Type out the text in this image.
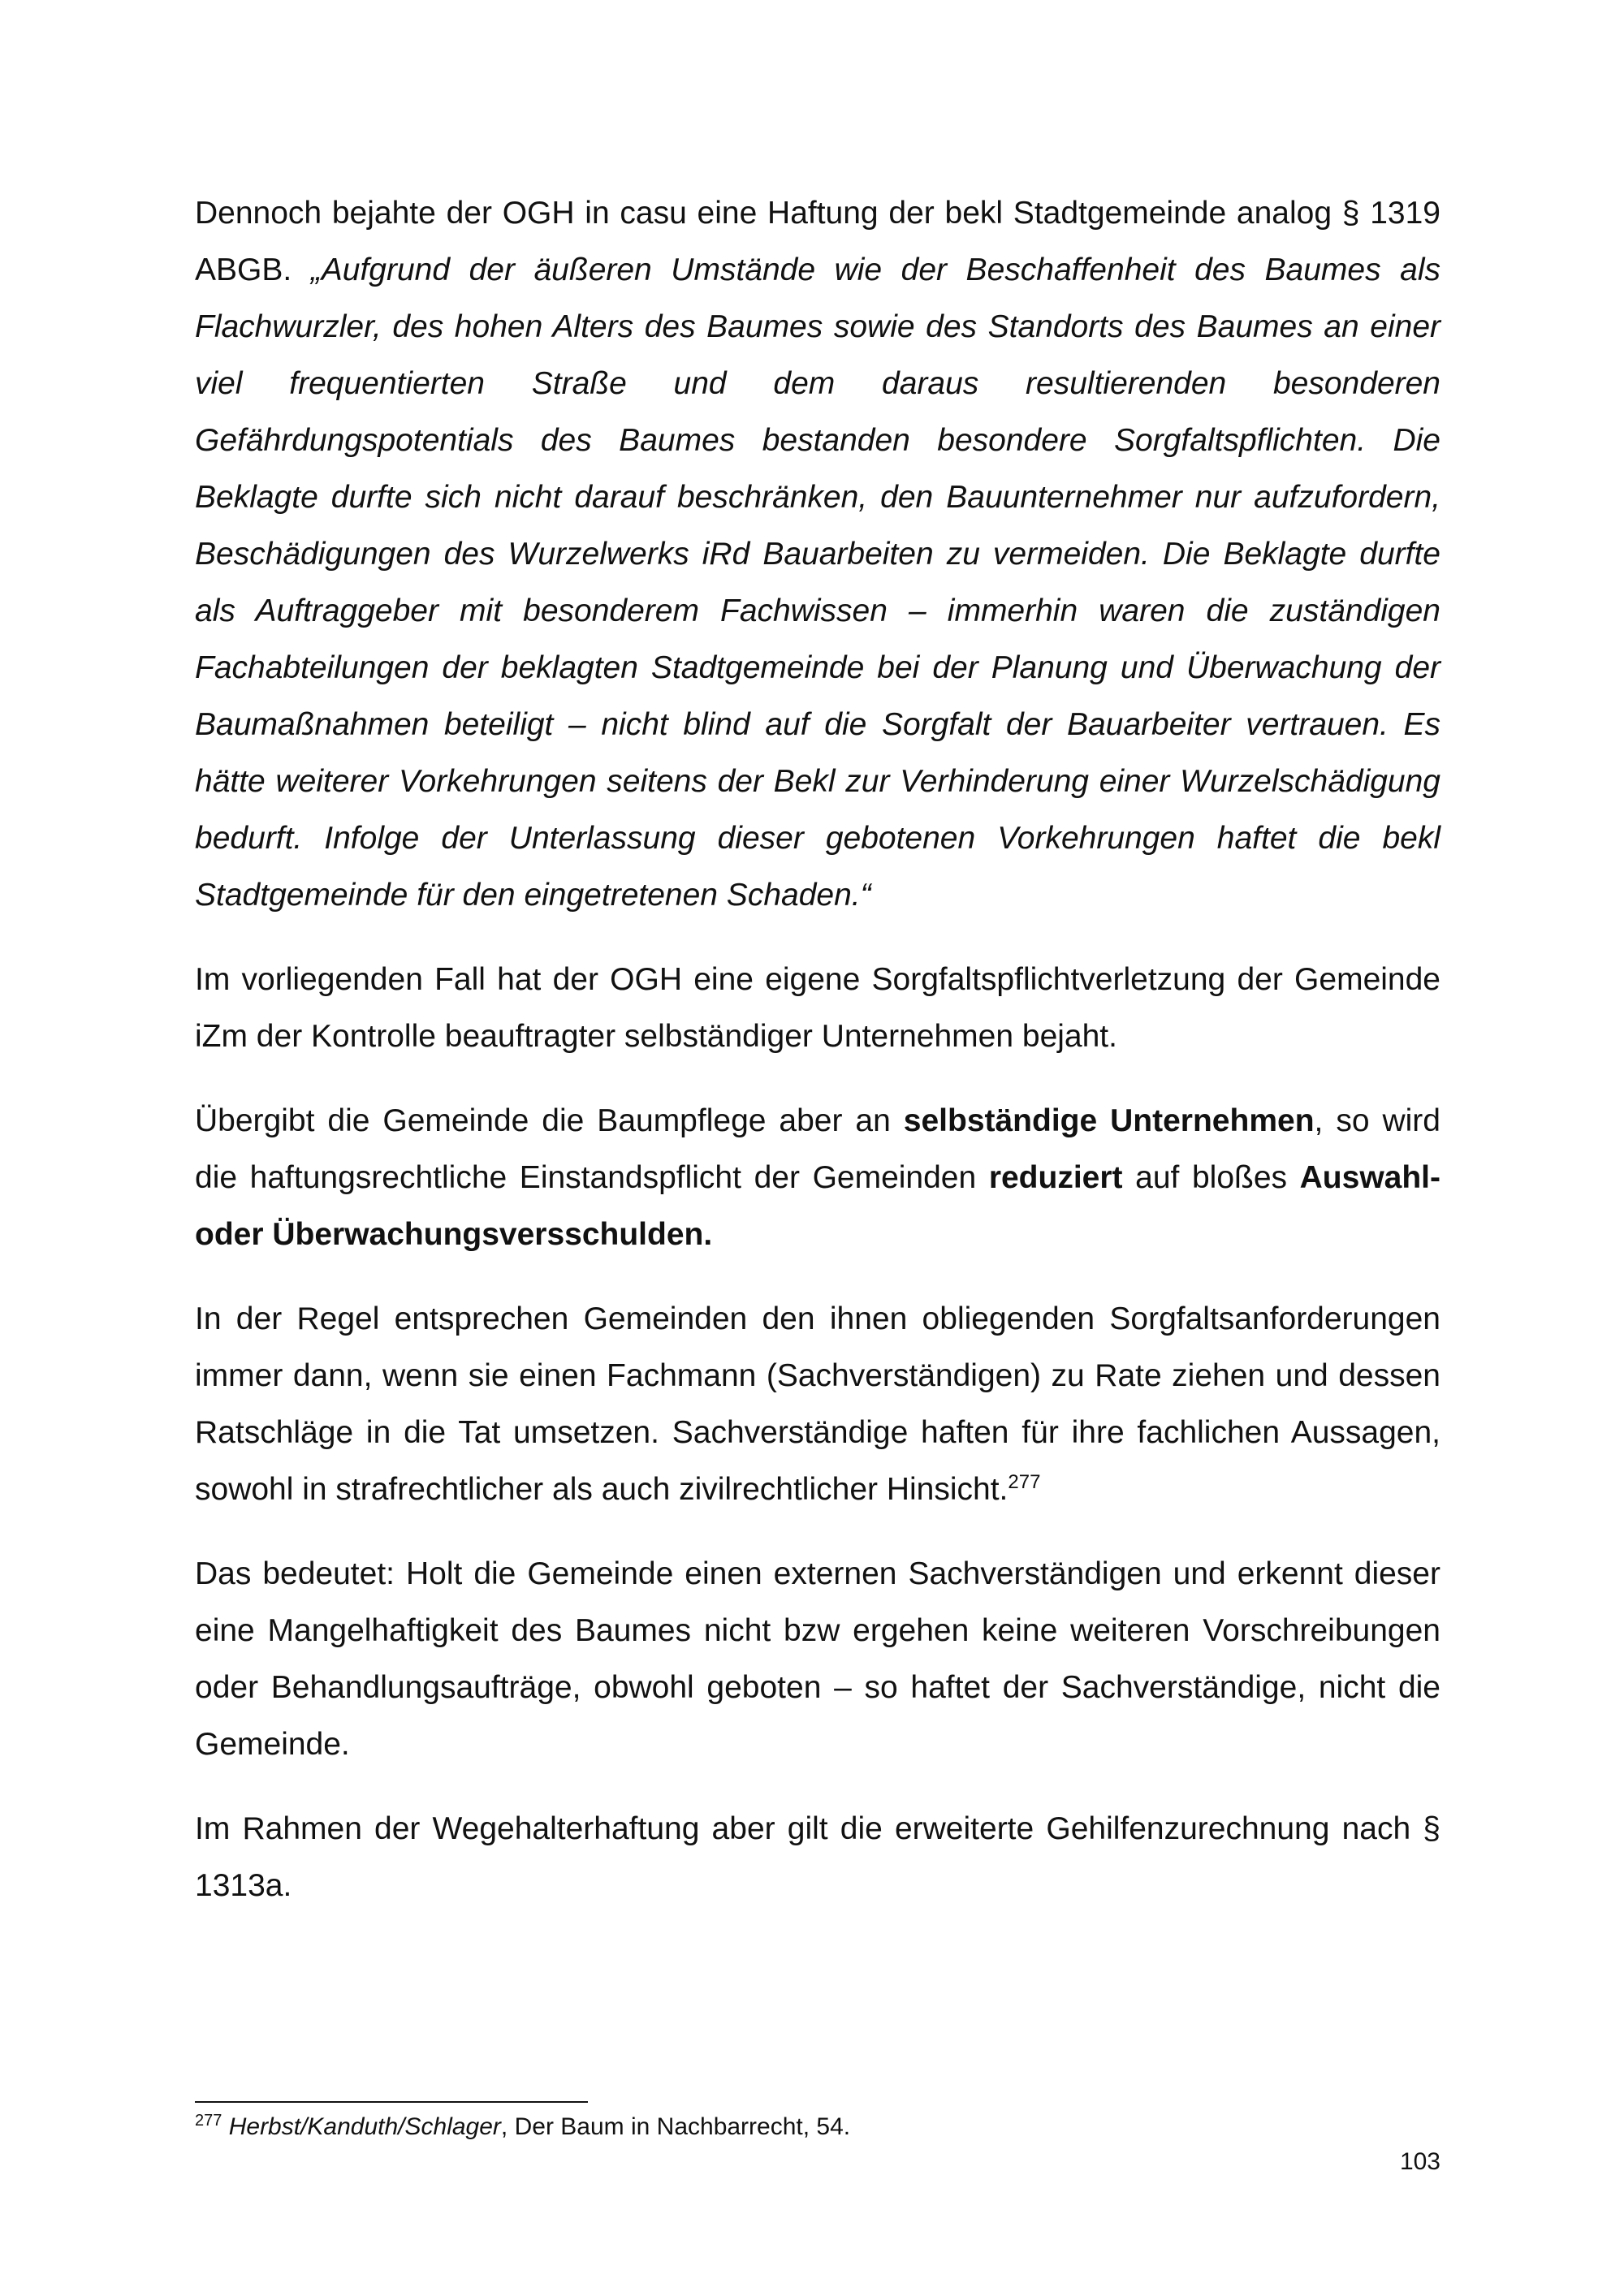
Dennoch bejahte der OGH in casu eine Haftung der bekl Stadtgemeinde analog § 1319 ABGB. „Aufgrund der äußeren Umstände wie der Beschaffenheit des Baumes als Flachwurzler, des hohen Alters des Baumes sowie des Standorts des Baumes an einer viel frequentierten Straße und dem daraus resultierenden besonderen Gefährdungspotentials des Baumes bestanden besondere Sorgfaltspflichten. Die Beklagte durfte sich nicht darauf beschränken, den Bauunternehmer nur aufzufordern, Beschädigungen des Wurzelwerks iRd Bauarbeiten zu vermeiden. Die Beklagte durfte als Auftraggeber mit besonderem Fachwissen – immerhin waren die zuständigen Fachabteilungen der beklagten Stadtgemeinde bei der Planung und Überwachung der Baumaßnahmen beteiligt – nicht blind auf die Sorgfalt der Bauarbeiter vertrauen. Es hätte weiterer Vorkehrungen seitens der Bekl zur Verhinderung einer Wurzelschädigung bedurft. Infolge der Unterlassung dieser gebotenen Vorkehrungen haftet die bekl Stadtgemeinde für den eingetretenen Schaden.“

Im vorliegenden Fall hat der OGH eine eigene Sorgfaltspflichtverletzung der Gemeinde iZm der Kontrolle beauftragter selbständiger Unternehmen bejaht.

Übergibt die Gemeinde die Baumpflege aber an selbständige Unternehmen, so wird die haftungsrechtliche Einstandspflicht der Gemeinden reduziert auf bloßes Auswahl- oder Überwachungsversschulden.

In der Regel entsprechen Gemeinden den ihnen obliegenden Sorgfaltsanforderungen immer dann, wenn sie einen Fachmann (Sachverständigen) zu Rate ziehen und dessen Ratschläge in die Tat umsetzen. Sachverständige haften für ihre fachlichen Aussagen, sowohl in strafrechtlicher als auch zivilrechtlicher Hinsicht.$^{277}$

Das bedeutet: Holt die Gemeinde einen externen Sachverständigen und erkennt dieser eine Mangelhaftigkeit des Baumes nicht bzw ergehen keine weiteren Vorschreibungen oder Behandlungsaufträge, obwohl geboten – so haftet der Sachverständige, nicht die Gemeinde.

Im Rahmen der Wegehalterhaftung aber gilt die erweiterte Gehilfenzurechnung nach § 1313a.

$^{277}$ Herbst/Kanduth/Schlager, Der Baum in Nachbarrecht, 54.
103
